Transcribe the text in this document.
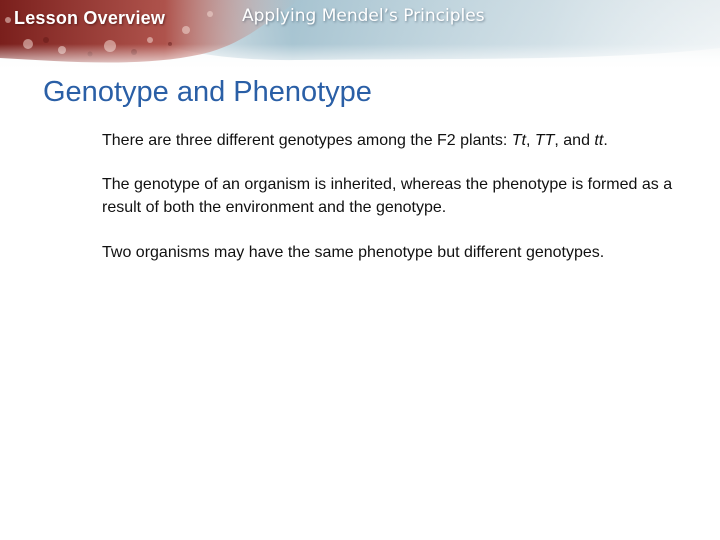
Lesson Overview	Applying Mendel’s Principles
Genotype and Phenotype

There are three different genotypes among the F2 plants: Tt, TT, and tt.

The genotype of an organism is inherited, whereas the phenotype is formed as a result of both the environment and the genotype.

Two organisms may have the same phenotype but different genotypes.
